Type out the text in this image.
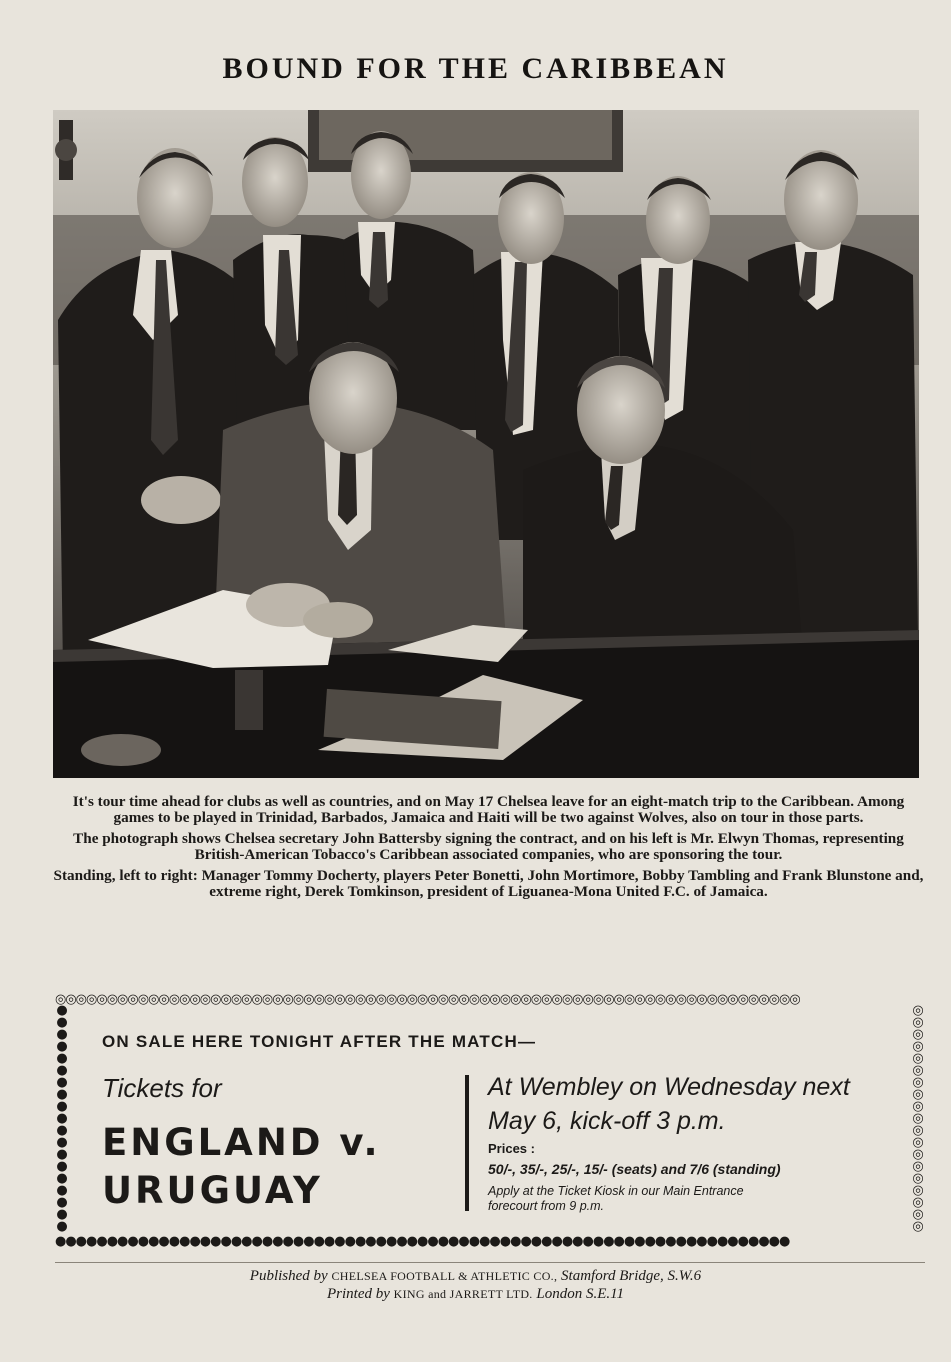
BOUND FOR THE CARIBBEAN

It's tour time ahead for clubs as well as countries, and on May 17 Chelsea leave for an eight-match trip to the Caribbean. Among games to be played in Trinidad, Barbados, Jamaica and Haiti will be two against Wolves, also on tour in those parts.

The photograph shows Chelsea secretary John Battersby signing the contract, and on his left is Mr. Elwyn Thomas, representing British-American Tobacco's Caribbean associated companies, who are sponsoring the tour.

Standing, left to right: Manager Tommy Docherty, players Peter Bonetti, John Mortimore, Bobby Tambling and Frank Blunstone and, extreme right, Derek Tomkinson, president of Liguanea-Mona United F.C. of Jamaica.

◎◎◎◎◎◎◎◎◎◎◎◎◎◎◎◎◎◎◎◎◎◎◎◎◎◎◎◎◎◎◎◎◎◎◎◎◎◎◎◎◎◎◎◎◎◎◎◎◎◎◎◎◎◎◎◎◎◎◎◎◎◎◎◎◎◎◎◎◎◎◎◎
●
●
●
●
●
●
●
●
●
●
●
●
●
●
●
●
●
●
●
◎
◎
◎
◎
◎
◎
◎
◎
◎
◎
◎
◎
◎
◎
◎
◎
◎
◎
◎
●●●●●●●●●●●●●●●●●●●●●●●●●●●●●●●●●●●●●●●●●●●●●●●●●●●●●●●●●●●●●●●●●●●●●●●
ON SALE HERE TONIGHT AFTER THE MATCH—
Tickets for
ENGLAND v.
URUGUAY
At Wembley on Wednesday next
May 6, kick-off 3 p.m.
Prices :
50/-, 35/-, 25/-, 15/- (seats) and 7/6 (standing)
Apply at the Ticket Kiosk in our Main Entrance
forecourt from 9 p.m.
Published by CHELSEA FOOTBALL & ATHLETIC CO., Stamford Bridge, S.W.6
Printed by KING and JARRETT LTD. London S.E.11
